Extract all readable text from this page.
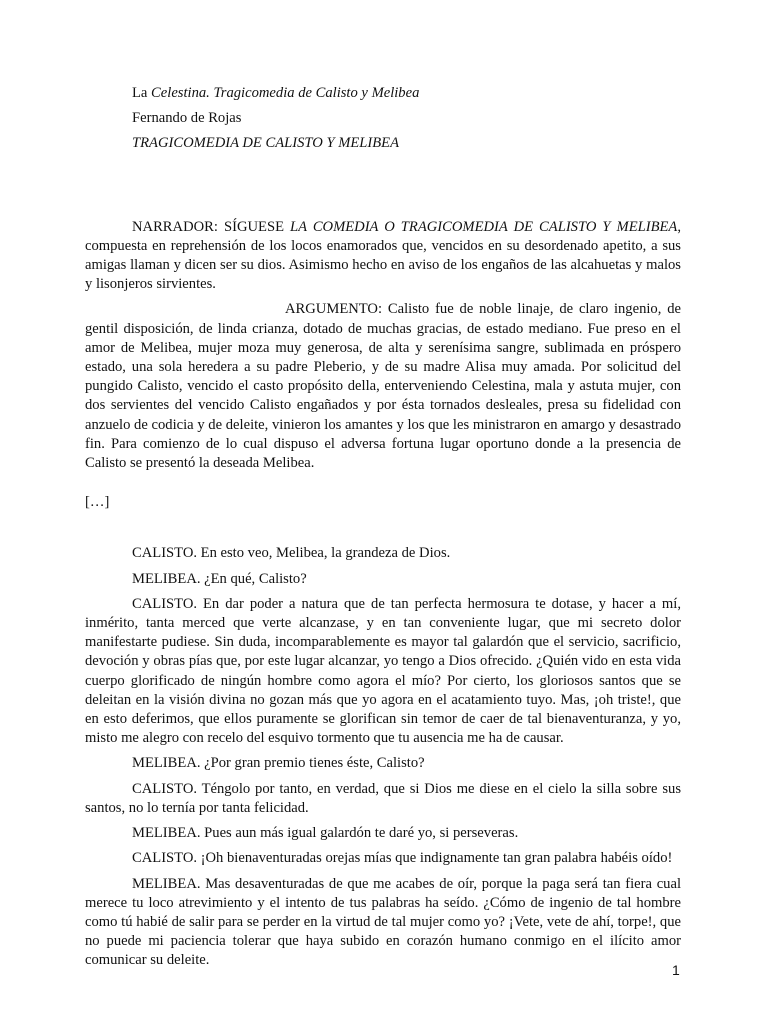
La Celestina. Tragicomedia de Calisto y Melibea

Fernando de Rojas

TRAGICOMEDIA DE CALISTO Y MELIBEA

NARRADOR: SÍGUESE LA COMEDIA O TRAGICOMEDIA DE CALISTO Y MELIBEA, compuesta en reprehensión de los locos enamorados que, vencidos en su desordenado apetito, a sus amigas llaman y dicen ser su dios. Asimismo hecho en aviso de los engaños de las alcahuetas y malos y lisonjeros sirvientes.

ARGUMENTO: Calisto fue de noble linaje, de claro ingenio, de gentil disposición, de linda crianza, dotado de muchas gracias, de estado mediano. Fue preso en el amor de Melibea, mujer moza muy generosa, de alta y serenísima sangre, sublimada en próspero estado, una sola heredera a su padre Pleberio, y de su madre Alisa muy amada. Por solicitud del pungido Calisto, vencido el casto propósito della, enterveniendo Celestina, mala y astuta mujer, con dos servientes del vencido Calisto engañados y por ésta tornados desleales, presa su fidelidad con anzuelo de codicia y de deleite, vinieron los amantes y los que les ministraron en amargo y desastrado fin. Para comienzo de lo cual dispuso el adversa fortuna lugar oportuno donde a la presencia de Calisto se presentó la deseada Melibea.

[…]

CALISTO. En esto veo, Melibea, la grandeza de Dios.

MELIBEA. ¿En qué, Calisto?

CALISTO. En dar poder a natura que de tan perfecta hermosura te dotase, y hacer a mí, inmérito, tanta merced que verte alcanzase, y en tan conveniente lugar, que mi secreto dolor manifestarte pudiese. Sin duda, incomparablemente es mayor tal galardón que el servicio, sacrificio, devoción y obras pías que, por este lugar alcanzar, yo tengo a Dios ofrecido. ¿Quién vido en esta vida cuerpo glorificado de ningún hombre como agora el mío? Por cierto, los gloriosos santos que se deleitan en la visión divina no gozan más que yo agora en el acatamiento tuyo. Mas, ¡oh triste!, que en esto deferimos, que ellos puramente se glorifican sin temor de caer de tal bienaventuranza, y yo, misto me alegro con recelo del esquivo tormento que tu ausencia me ha de causar.

MELIBEA. ¿Por gran premio tienes éste, Calisto?

CALISTO. Téngolo por tanto, en verdad, que si Dios me diese en el cielo la silla sobre sus santos, no lo ternía por tanta felicidad.

MELIBEA. Pues aun más igual galardón te daré yo, si perseveras.

CALISTO. ¡Oh bienaventuradas orejas mías que indignamente tan gran palabra habéis oído!

MELIBEA. Mas desaventuradas de que me acabes de oír, porque la paga será tan fiera cual merece tu loco atrevimiento y el intento de tus palabras ha seído. ¿Cómo de ingenio de tal hombre como tú habié de salir para se perder en la virtud de tal mujer como yo? ¡Vete, vete de ahí, torpe!, que no puede mi paciencia tolerar que haya subido en corazón humano conmigo en el ilícito amor comunicar su deleite.

1
